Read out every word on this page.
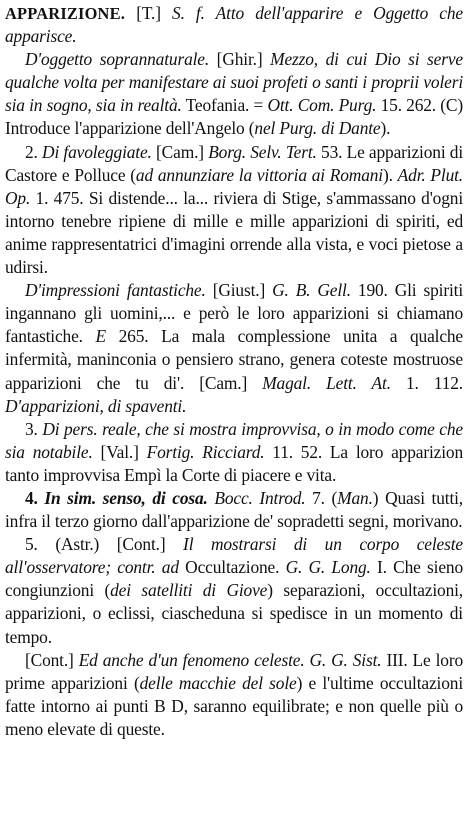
APPARIZIONE. [T.] S. f. Atto dell'apparire e Oggetto che apparisce.

D'oggetto soprannaturale. [Ghir.] Mezzo, di cui Dio si serve qualche volta per manifestare ai suoi profeti o santi i proprii voleri sia in sogno, sia in realtà. Teofania. = Ott. Com. Purg. 15. 262. (C) Introduce l'apparizione dell'Angelo (nel Purg. di Dante).

2. Di favoleggiate. [Cam.] Borg. Selv. Tert. 53. Le apparizioni di Castore e Polluce (ad annunziare la vittoria ai Romani). Adr. Plut. Op. 1. 475. Si distende... la... riviera di Stige, s'ammassano d'ogni intorno tenebre ripiene di mille e mille apparizioni di spiriti, ed anime rappresentatrici d'imagini orrende alla vista, e voci pietose a udirsi.

D'impressioni fantastiche. [Giust.] G. B. Gell. 190. Gli spiriti ingannano gli uomini,... e però le loro apparizioni si chiamano fantastiche. E 265. La mala complessione unita a qualche infermità, maninconia o pensiero strano, genera coteste mostruose apparizioni che tu di'. [Cam.] Magal. Lett. At. 1. 112. D'apparizioni, di spaventi.

3. Di pers. reale, che si mostra improvvisa, o in modo come che sia notabile. [Val.] Fortig. Ricciard. 11. 52. La loro apparizion tanto improvvisa Empì la Corte di piacere e vita.

4. In sim. senso, di cosa. Bocc. Introd. 7. (Man.) Quasi tutti, infra il terzo giorno dall'apparizione de' sopradetti segni, morivano.

5. (Astr.) [Cont.] Il mostrarsi di un corpo celeste all'osservatore; contr. ad Occultazione. G. G. Long. I. Che sieno congiunzioni (dei satelliti di Giove) separazioni, occultazioni, apparizioni, o eclissi, ciascheduna si spedisce in un momento di tempo.

[Cont.] Ed anche d'un fenomeno celeste. G. G. Sist. III. Le loro prime apparizioni (delle macchie del sole) e l'ultime occultazioni fatte intorno ai punti B D, saranno equilibrate; e non quelle più o meno elevate di queste.
